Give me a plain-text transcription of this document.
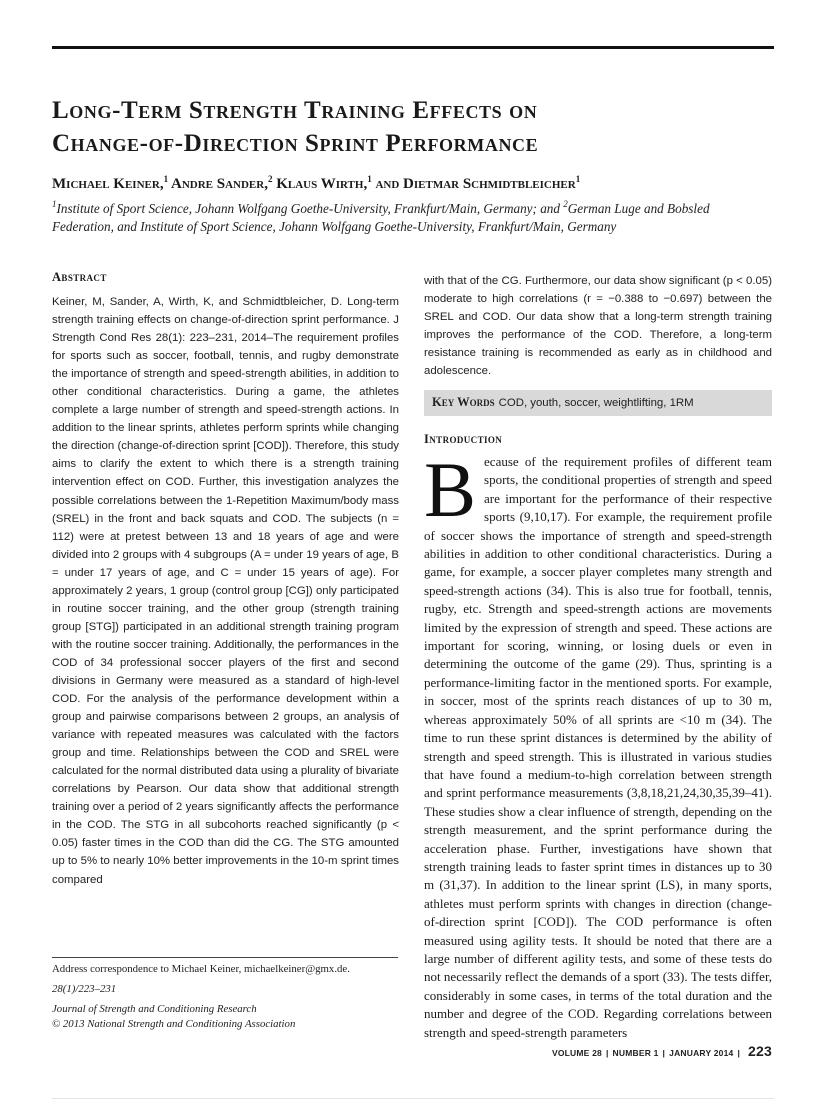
Long-Term Strength Training Effects on
Change-of-Direction Sprint Performance
Michael Keiner,$^1$ Andre Sander,$^2$ Klaus Wirth,$^1$ and Dietmar Schmidtbleicher$^1$
$^1$Institute of Sport Science, Johann Wolfgang Goethe-University, Frankfurt/Main, Germany; and $^2$German Luge and Bobsled Federation, and Institute of Sport Science, Johann Wolfgang Goethe-University, Frankfurt/Main, Germany
Abstract
Keiner, M, Sander, A, Wirth, K, and Schmidtbleicher, D. Long-term strength training effects on change-of-direction sprint performance. J Strength Cond Res 28(1): 223–231, 2014–The requirement profiles for sports such as soccer, football, tennis, and rugby demonstrate the importance of strength and speed-strength abilities, in addition to other conditional characteristics. During a game, the athletes complete a large number of strength and speed-strength actions. In addition to the linear sprints, athletes perform sprints while changing the direction (change-of-direction sprint [COD]). Therefore, this study aims to clarify the extent to which there is a strength training intervention effect on COD. Further, this investigation analyzes the possible correlations between the 1-Repetition Maximum/body mass (SREL) in the front and back squats and COD. The subjects (n = 112) were at pretest between 13 and 18 years of age and were divided into 2 groups with 4 subgroups (A = under 19 years of age, B = under 17 years of age, and C = under 15 years of age). For approximately 2 years, 1 group (control group [CG]) only participated in routine soccer training, and the other group (strength training group [STG]) participated in an additional strength training program with the routine soccer training. Additionally, the performances in the COD of 34 professional soccer players of the first and second divisions in Germany were measured as a standard of high-level COD. For the analysis of the performance development within a group and pairwise comparisons between 2 groups, an analysis of variance with repeated measures was calculated with the factors group and time. Relationships between the COD and SREL were calculated for the normal distributed data using a plurality of bivariate correlations by Pearson. Our data show that additional strength training over a period of 2 years significantly affects the performance in the COD. The STG in all subcohorts reached significantly (p < 0.05) faster times in the COD than did the CG. The STG amounted up to 5% to nearly 10% better improvements in the 10-m sprint times compared
with that of the CG. Furthermore, our data show significant (p < 0.05) moderate to high correlations (r = −0.388 to −0.697) between the SREL and COD. Our data show that a long-term strength training improves the performance of the COD. Therefore, a long-term resistance training is recommended as early as in childhood and adolescence.
Key Words COD, youth, soccer, weightlifting, 1RM
Introduction
Because of the requirement profiles of different team sports, the conditional properties of strength and speed are important for the performance of their respective sports (9,10,17). For example, the requirement profile of soccer shows the importance of strength and speed-strength abilities in addition to other conditional characteristics. During a game, for example, a soccer player completes many strength and speed-strength actions (34). This is also true for football, tennis, rugby, etc. Strength and speed-strength actions are movements limited by the expression of strength and speed. These actions are important for scoring, winning, or losing duels or even in determining the outcome of the game (29). Thus, sprinting is a performance-limiting factor in the mentioned sports. For example, in soccer, most of the sprints reach distances of up to 30 m, whereas approximately 50% of all sprints are <10 m (34). The time to run these sprint distances is determined by the ability of strength and speed strength. This is illustrated in various studies that have found a medium-to-high correlation between strength and sprint performance measurements (3,8,18,21,24,30,35,39–41). These studies show a clear influence of strength, depending on the strength measurement, and the sprint performance during the acceleration phase. Further, investigations have shown that strength training leads to faster sprint times in distances up to 30 m (31,37). In addition to the linear sprint (LS), in many sports, athletes must perform sprints with changes in direction (change-of-direction sprint [COD]). The COD performance is often measured using agility tests. It should be noted that there are a large number of different agility tests, and some of these tests do not necessarily reflect the demands of a sport (33). The tests differ, considerably in some cases, in terms of the total duration and the number and degree of the COD. Regarding correlations between strength and speed-strength parameters
Address correspondence to Michael Keiner, michaelkeiner@gmx.de.
28(1)/223–231
Journal of Strength and Conditioning Research
© 2013 National Strength and Conditioning Association
VOLUME 28 | NUMBER 1 | JANUARY 2014 | 223
